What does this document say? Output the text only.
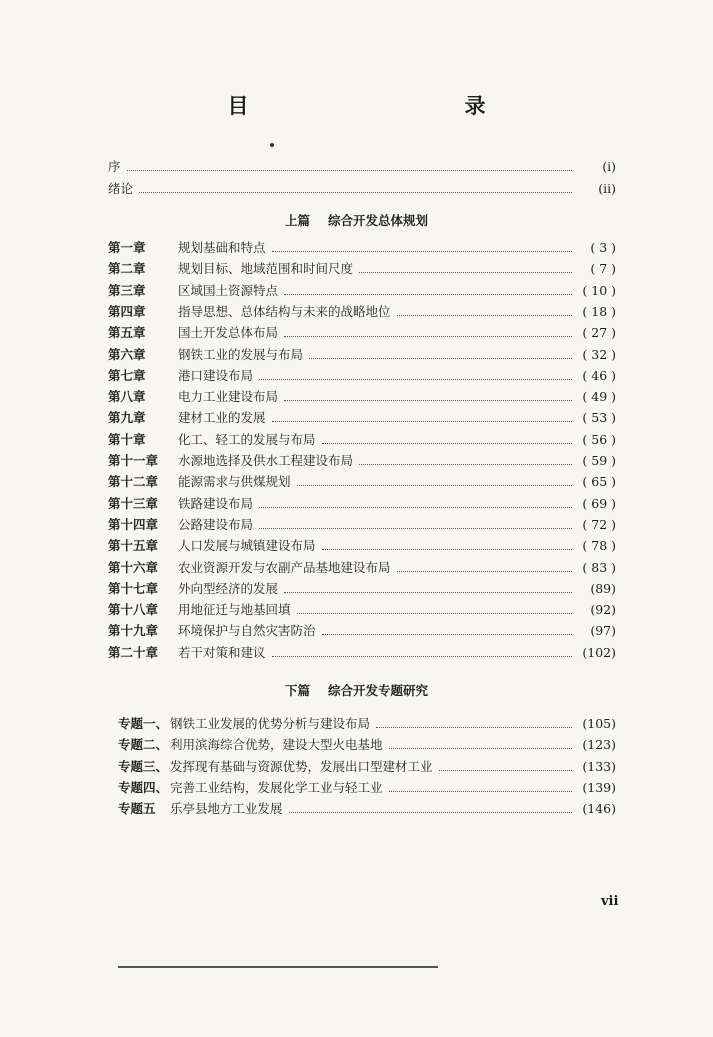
目　　录
序	(i)
绪论	(ii)
上篇 综合开发总体规划
第一章	规划基础和特点	( 3 )
第二章	规划目标、地域范围和时间尺度	( 7 )
第三章	区域国土资源特点	( 10 )
第四章	指导思想、总体结构与未来的战略地位	( 18 )
第五章	国土开发总体布局	( 27 )
第六章	钢铁工业的发展与布局	( 32 )
第七章	港口建设布局	( 46 )
第八章	电力工业建设布局	( 49 )
第九章	建材工业的发展	( 53 )
第十章	化工、轻工的发展与布局	( 56 )
第十一章	水源地选择及供水工程建设布局	( 59 )
第十二章	能源需求与供煤规划	( 65 )
第十三章	铁路建设布局	( 69 )
第十四章	公路建设布局	( 72 )
第十五章	人口发展与城镇建设布局	( 78 )
第十六章	农业资源开发与农副产品基地建设布局	( 83 )
第十七章	外向型经济的发展	(89)
第十八章	用地征迁与地基回填	(92)
第十九章	环境保护与自然灾害防治	(97)
第二十章	若干对策和建议	(102)
下篇 综合开发专题研究
专题一、 钢铁工业发展的优势分析与建设布局	(105)
专题二、 利用滨海综合优势，建设大型火电基地	(123)
专题三、 发挥现有基础与资源优势，发展出口型建材工业	(133)
专题四、 完善工业结构，发展化学工业与轻工业	(139)
专题五	乐亭县地方工业发展	(146)
vii
